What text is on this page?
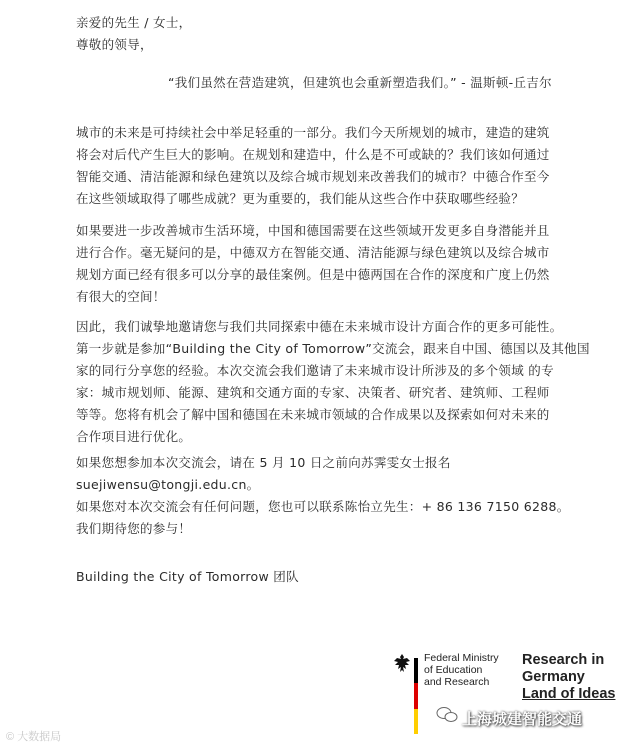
亲爱的先生 / 女士，
尊敬的领导，
“我们虽然在营造建筑，但建筑也会重新塑造我们。” - 温斯顿-丘吉尔
城市的未来是可持续社会中举足轻重的一部分。我们今天所规划的城市，建造的建筑
将会对后代产生巨大的影响。在规划和建造中，什么是不可或缺的？我们该如何通过
智能交通、清洁能源和绿色建筑以及综合城市规划来改善我们的城市？中德合作至今
在这些领域取得了哪些成就？更为重要的，我们能从这些合作中获取哪些经验？
如果要进一步改善城市生活环境，中国和德国需要在这些领域开发更多自身潜能并且
进行合作。毫无疑问的是，中德双方在智能交通、清洁能源与绿色建筑以及综合城市
规划方面已经有很多可以分享的最佳案例。但是中德两国在合作的深度和广度上仍然
有很大的空间！
因此，我们诚挚地邀请您与我们共同探索中德在未来城市设计方面合作的更多可能性。
第一步就是参加“Building the City of Tomorrow”交流会，跟来自中国、德国以及其他国
家的同行分享您的经验。本次交流会我们邀请了未来城市设计所涉及的多个领域 的专
家：城市规划师、能源、建筑和交通方面的专家、决策者、研究者、建筑师、工程师
等等。您将有机会了解中国和德国在未来城市领域的合作成果以及探索如何对未来的
合作项目进行优化。
如果您想参加本次交流会，请在 5 月 10 日之前向苏霁雯女士报名
suejiwensu@tongji.edu.cn。
如果您对本次交流会有任何问题，您也可以联系陈怡立先生：+ 86 136 7150 6288。
我们期待您的参与！
Building the City of Tomorrow 团队
Federal Ministry
of Education
and Research
Research in
Germany
Land of Ideas
© 大数据局
上海城建智能交通
